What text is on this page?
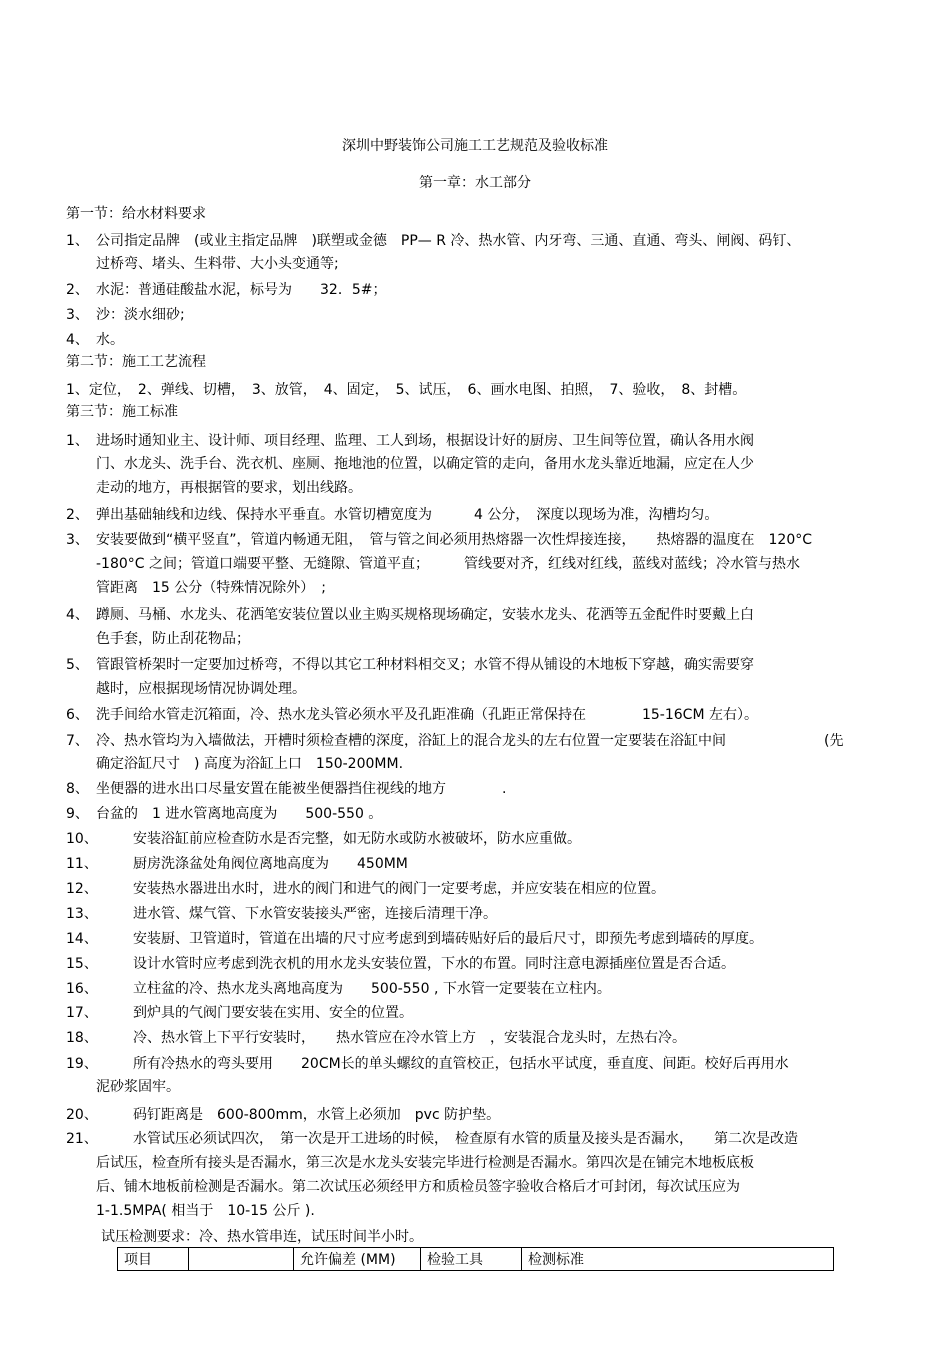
深圳中野装饰公司施工工艺规范及验收标准
第一章：水工部分
第一节：给水材料要求
1、 公司指定品牌　(或业主指定品牌　)联塑或金德　PP— R 冷、热水管、内牙弯、三通、直通、弯头、闸阀、码钉、
过桥弯、堵头、生料带、大小头变通等;
2、 水泥：普通硅酸盐水泥，标号为　　32．5#；
3、 沙：淡水细砂;
4、 水。
第二节：施工工艺流程
1、定位，　2、弹线、切槽，　3、放管，　4、固定，　5、试压，　6、画水电图、拍照，　7、验收，　8、封槽。
第三节：施工标准
1、 进场时通知业主、设计师、项目经理、监理、工人到场，根据设计好的厨房、卫生间等位置，确认各用水阀
门、水龙头、洗手台、洗衣机、座厕、拖地池的位置，以确定管的走向，备用水龙头靠近地漏，应定在人少
走动的地方，再根据管的要求，划出线路。
2、 弹出基础轴线和边线、保持水平垂直。水管切槽宽度为　　　4 公分，　深度以现场为准，沟槽均匀。
3、 安装要做到“横平竖直”，管道内畅通无阻，　管与管之间必须用热熔器一次性焊接连接，　　热熔器的温度在　120°C
-180°C 之间；管道口端要平整、无缝隙、管道平直；　　　管线要对齐，红线对红线，蓝线对蓝线；冷水管与热水
管距离　15 公分（特殊情况除外）　;
4、 蹲厕、马桶、水龙头、花洒笔安装位置以业主购买规格现场确定，安装水龙头、花洒等五金配件时要戴上白
色手套，防止刮花物品；
5、 管跟管桥架时一定要加过桥弯，不得以其它工种材料相交叉；水管不得从铺设的木地板下穿越，确实需要穿
越时，应根据现场情况协调处理。
6、 洗手间给水管走沉箱面，冷、热水龙头管必须水平及孔距准确（孔距正常保持在　　　　15-16CM 左右）。
7、 冷、热水管均为入墙做法，开槽时须检查槽的深度，浴缸上的混合龙头的左右位置一定要装在浴缸中间　　　　　　　(先
确定浴缸尺寸　) 高度为浴缸上口　150-200MM.
8、 坐便器的进水出口尽量安置在能被坐便器挡住视线的地方　　　　.
9、 台盆的　1 进水管离地高度为　　500-550 。
10、	安装浴缸前应检查防水是否完整，如无防水或防水被破坏，防水应重做。
11、	厨房洗涤盆处角阀位离地高度为　　450MM
12、	安装热水器进出水时，进水的阀门和进气的阀门一定要考虑，并应安装在相应的位置。
13、	进水管、煤气管、下水管安装接头严密，连接后清理干净。
14、	安装厨、卫管道时，管道在出墙的尺寸应考虑到到墙砖贴好后的最后尺寸，即预先考虑到墙砖的厚度。
15、	设计水管时应考虑到洗衣机的用水龙头安装位置，下水的布置。同时注意电源插座位置是否合适。
16、	立柱盆的冷、热水龙头离地高度为　　500-550 , 下水管一定要装在立柱内。
17、	到炉具的气阀门要安装在实用、安全的位置。
18、	冷、热水管上下平行安装时，　　热水管应在冷水管上方　，安装混合龙头时，左热右冷。
19、	所有冷热水的弯头要用　　20CM长的单头螺纹的直管校正，包括水平试度，垂直度、间距。校好后再用水
泥砂浆固牢。
20、	码钉距离是　600-800mm，水管上必须加　pvc 防护垫。
21、	水管试压必须试四次，　第一次是开工进场的时候，　检查原有水管的质量及接头是否漏水，　　第二次是改造
后试压，检查所有接头是否漏水，第三次是水龙头安装完毕进行检测是否漏水。第四次是在铺完木地板底板
后、铺木地板前检测是否漏水。第二次试压必须经甲方和质检员签字验收合格后才可封闭，每次试压应为
1-1.5MPA( 相当于　10-15 公斤 ).
试压检测要求：冷、热水管串连，试压时间半小时。
项目		允许偏差 (MM)	检验工具	检测标准
